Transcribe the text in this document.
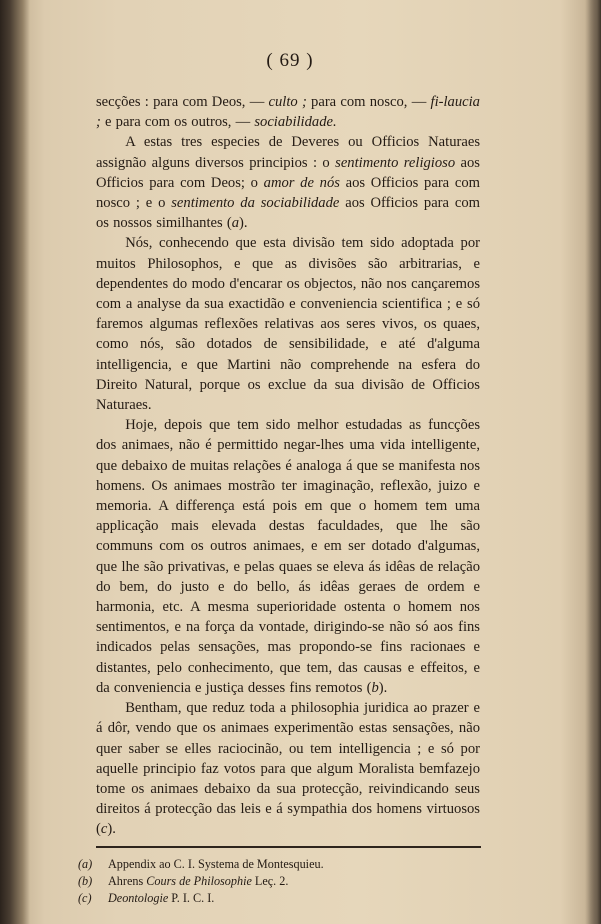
( 69 )

secções : para com Deos, — culto ; para com nosco, — fi-laucia ; e para com os outros, — sociabilidade.

A estas tres especies de Deveres ou Officios Naturaes assignão alguns diversos principios : o sentimento religioso aos Officios para com Deos; o amor de nós aos Officios para com nosco ; e o sentimento da sociabilidade aos Officios para com os nossos similhantes (a).

Nós, conhecendo que esta divisão tem sido adoptada por muitos Philosophos, e que as divisões são arbitrarias, e dependentes do modo d'encarar os objectos, não nos cançaremos com a analyse da sua exactidão e conveniencia scientifica ; e só faremos algumas reflexões relativas aos seres vivos, os quaes, como nós, são dotados de sensibilidade, e até d'alguma intelligencia, e que Martini não comprehende na esfera do Direito Natural, porque os exclue da sua divisão de Officios Naturaes.

Hoje, depois que tem sido melhor estudadas as funcções dos animaes, não é permittido negar-lhes uma vida intelligente, que debaixo de muitas relações é analoga á que se manifesta nos homens. Os animaes mostrão ter imaginação, reflexão, juizo e memoria. A differença está pois em que o homem tem uma applicação mais elevada destas faculdades, que lhe são communs com os outros animaes, e em ser dotado d'algumas, que lhe são privativas, e pelas quaes se eleva ás idêas de relação do bem, do justo e do bello, ás idêas geraes de ordem e harmonia, etc. A mesma superioridade ostenta o homem nos sentimentos, e na força da vontade, dirigindo-se não só aos fins indicados pelas sensações, mas propondo-se fins racionaes e distantes, pelo conhecimento, que tem, das causas e effeitos, e da conveniencia e justiça desses fins remotos (b).

Bentham, que reduz toda a philosophia juridica ao prazer e á dôr, vendo que os animaes experimentão estas sensações, não quer saber se elles raciocinão, ou tem intelligencia ; e só por aquelle principio faz votos para que algum Moralista bemfazejo tome os animaes debaixo da sua protecção, reivindicando seus direitos á protecção das leis e á sympathia dos homens virtuosos (c).

(a)	Appendix ao C. I. Systema de Montesquieu.
(b)	Ahrens Cours de Philosophie Leç. 2.
(c)	Deontologie P. I. C. I.
